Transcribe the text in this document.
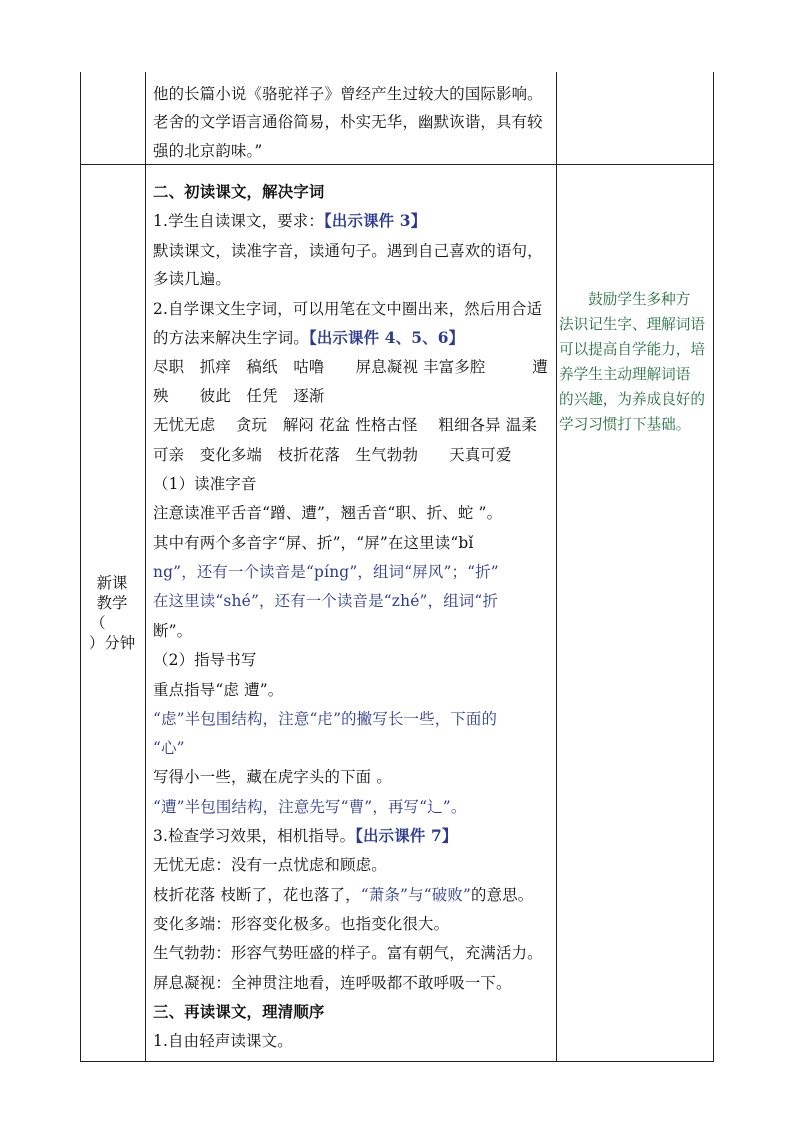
他的长篇小说《骆驼祥子》曾经产生过较大的国际影响。
老舍的文学语言通俗简易，朴实无华，幽默诙谐，具有较
强的北京韵味。”
新课
教学
（
）分钟
　　鼓励学生多种方
法识记生字、理解词语
可以提高自学能力，培
养学生主动理解词语
的兴趣，为养成良好的
学习习惯打下基础。
二、初读课文，解决字词
1.学生自读课文，要求：【出示课件 3】
默读课文，读准字音，读通句子。遇到自己喜欢的语句，
多读几遍。
2.自学课文生字词，可以用笔在文中圈出来，然后用合适
的方法来解决生字词。【出示课件 4、5、6】
尽职　抓痒　稿纸　咕噜　　屏息凝视 丰富多腔　　　遭
殃　　彼此　任凭　逐渐
无忧无虑　 贪玩　解闷 花盆 性格古怪　 粗细各异 温柔
可亲　变化多端　枝折花落　生气勃勃　　天真可爱
（1）读准字音
注意读准平舌音“蹭、遭”，翘舌音“职、折、蛇 ”。
其中有两个多音字“屏、折”，“屏”在这里读“bǐ
ng”，还有一个读音是“píng”，组词“屏风”；“折”
在这里读“shé”，还有一个读音是“zhé”，组词“折
断”。
（2）指导书写
重点指导“虑 遭”。
“虑”半包围结构，注意“虍”的撇写长一些，下面的
“心”
写得小一些，藏在虎字头的下面 。
“遭”半包围结构，注意先写“曹”，再写“辶”。
3.检查学习效果，相机指导。【出示课件 7】
无忧无虑：没有一点忧虑和顾虑。
枝折花落 枝断了，花也落了，“萧条”与“破败”的意思。
变化多端：形容变化极多。也指变化很大。
生气勃勃：形容气势旺盛的样子。富有朝气，充满活力。
屏息凝视：全神贯注地看，连呼吸都不敢呼吸一下。
三、再读课文，理清顺序
1.自由轻声读课文。
